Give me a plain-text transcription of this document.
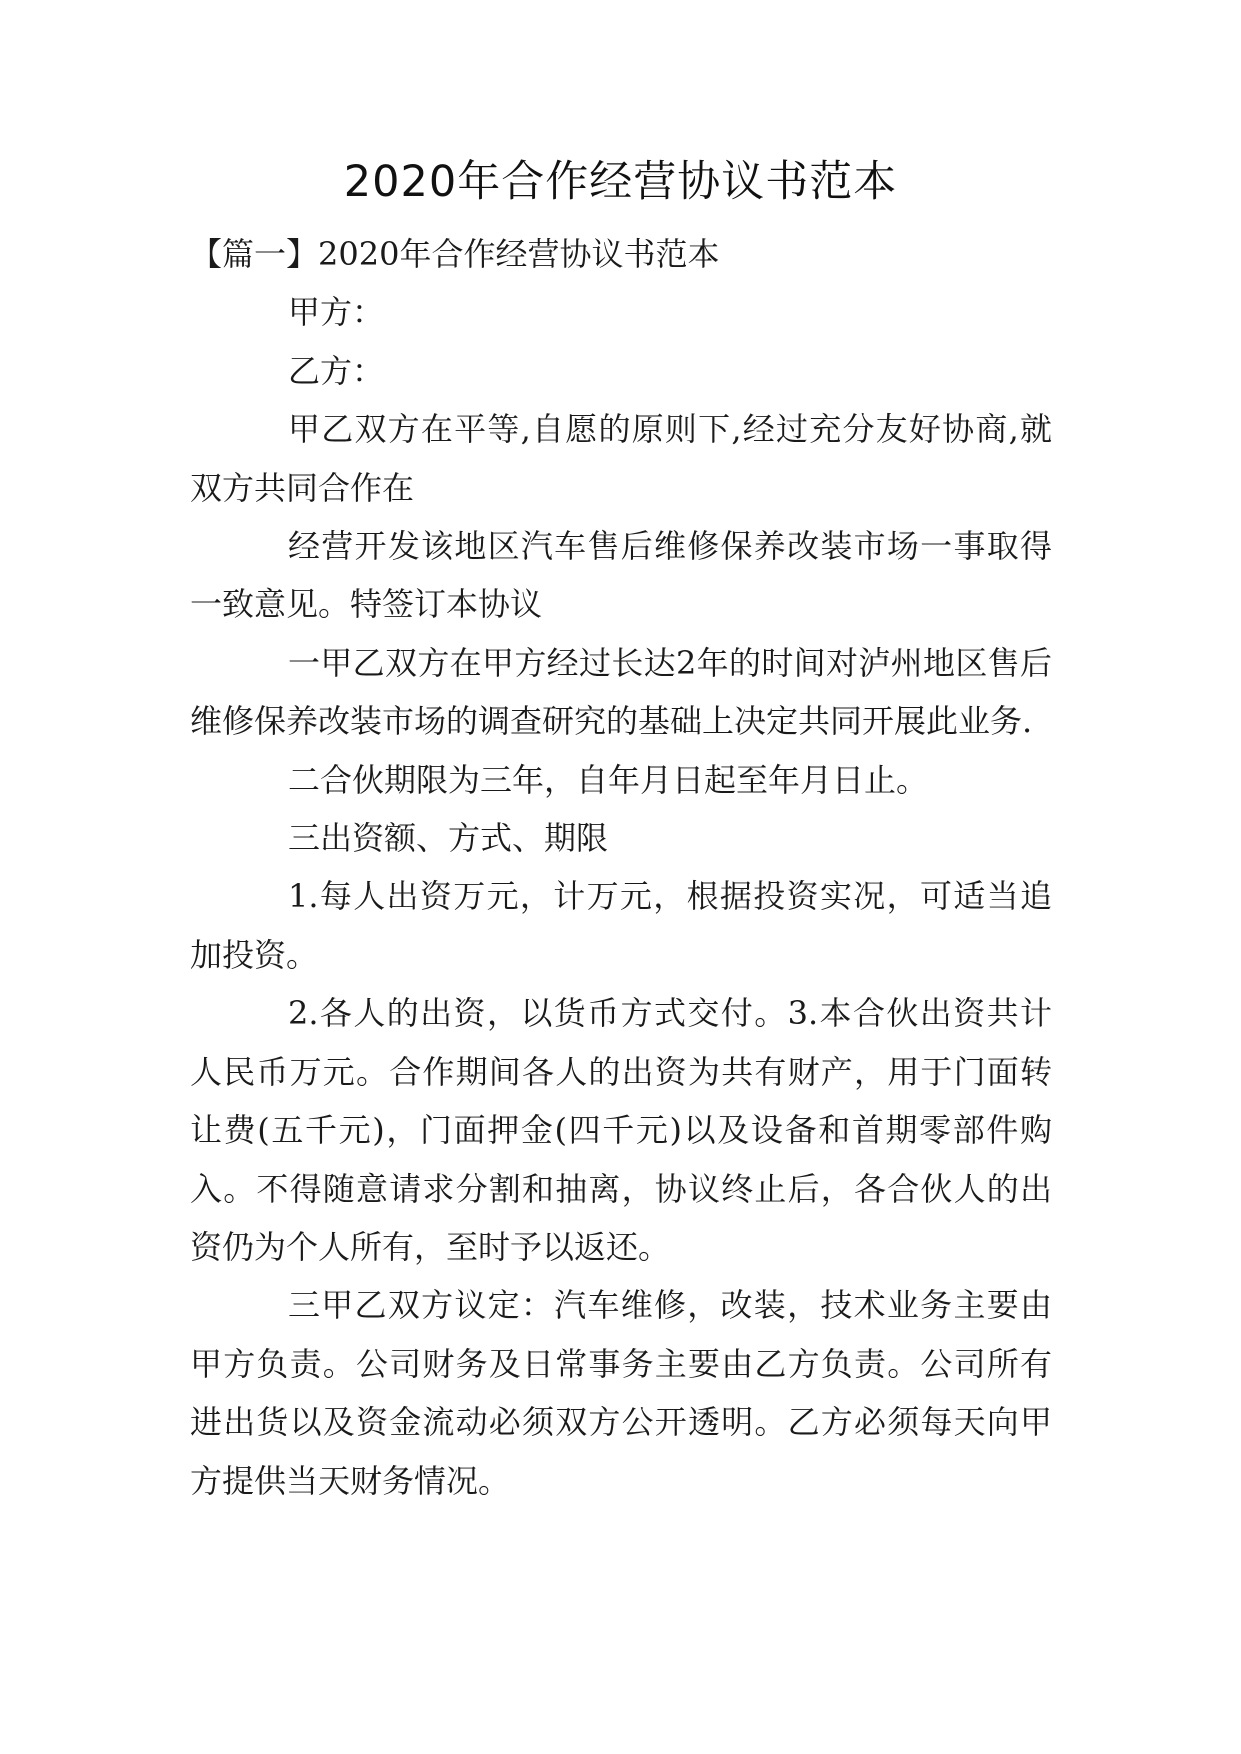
2020年合作经营协议书范本

【篇一】2020年合作经营协议书范本

甲方：

乙方：

甲乙双方在平等,自愿的原则下,经过充分友好协商,就双方共同合作在

经营开发该地区汽车售后维修保养改装市场一事取得一致意见。特签订本协议

一甲乙双方在甲方经过长达2年的时间对泸州地区售后维修保养改装市场的调查研究的基础上决定共同开展此业务.

二合伙期限为三年，自年月日起至年月日止。

三出资额、方式、期限

1.每人出资万元，计万元，根据投资实况，可适当追加投资。

2.各人的出资，以货币方式交付。3.本合伙出资共计人民币万元。合作期间各人的出资为共有财产，用于门面转让费(五千元)，门面押金(四千元)以及设备和首期零部件购入。不得随意请求分割和抽离，协议终止后，各合伙人的出资仍为个人所有，至时予以返还。

三甲乙双方议定：汽车维修，改装，技术业务主要由甲方负责。公司财务及日常事务主要由乙方负责。公司所有进出货以及资金流动必须双方公开透明。乙方必须每天向甲方提供当天财务情况。
